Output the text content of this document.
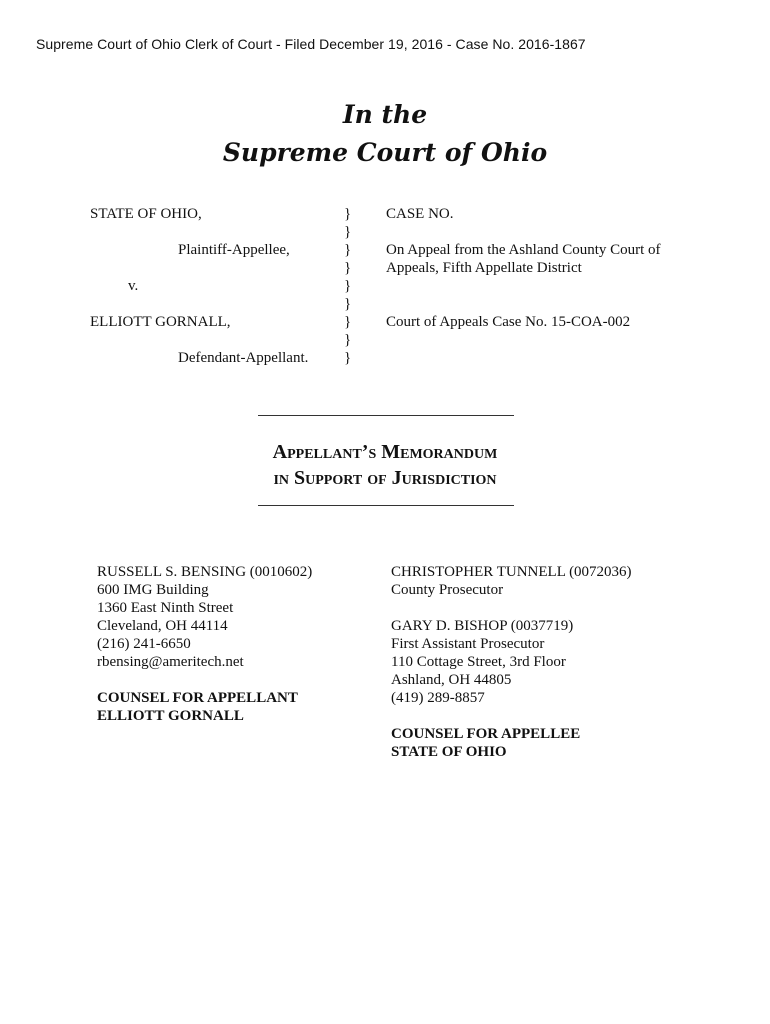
Supreme Court of Ohio Clerk of Court - Filed December 19, 2016 - Case No. 2016-1867
In the
Supreme Court of Ohio
STATE OF OHIO,
Plaintiff-Appellee,
v.
ELLIOTT GORNALL,
Defendant-Appellant.
}
}
}
}
}
}
}
}
}
CASE NO.
On Appeal from the Ashland County Court of
Appeals, Fifth Appellate District
Court of Appeals Case No. 15-COA-002
Appellant’s Memorandum
in Support of Jurisdiction
RUSSELL S. BENSING (0010602)
600 IMG Building
1360 East Ninth Street
Cleveland, OH 44114
(216) 241-6650
rbensing@ameritech.net
COUNSEL FOR APPELLANT
ELLIOTT GORNALL
CHRISTOPHER TUNNELL (0072036)
County Prosecutor
GARY D. BISHOP (0037719)
First Assistant Prosecutor
110 Cottage Street, 3rd Floor
Ashland, OH 44805
(419) 289-8857
COUNSEL FOR APPELLEE
STATE OF OHIO
